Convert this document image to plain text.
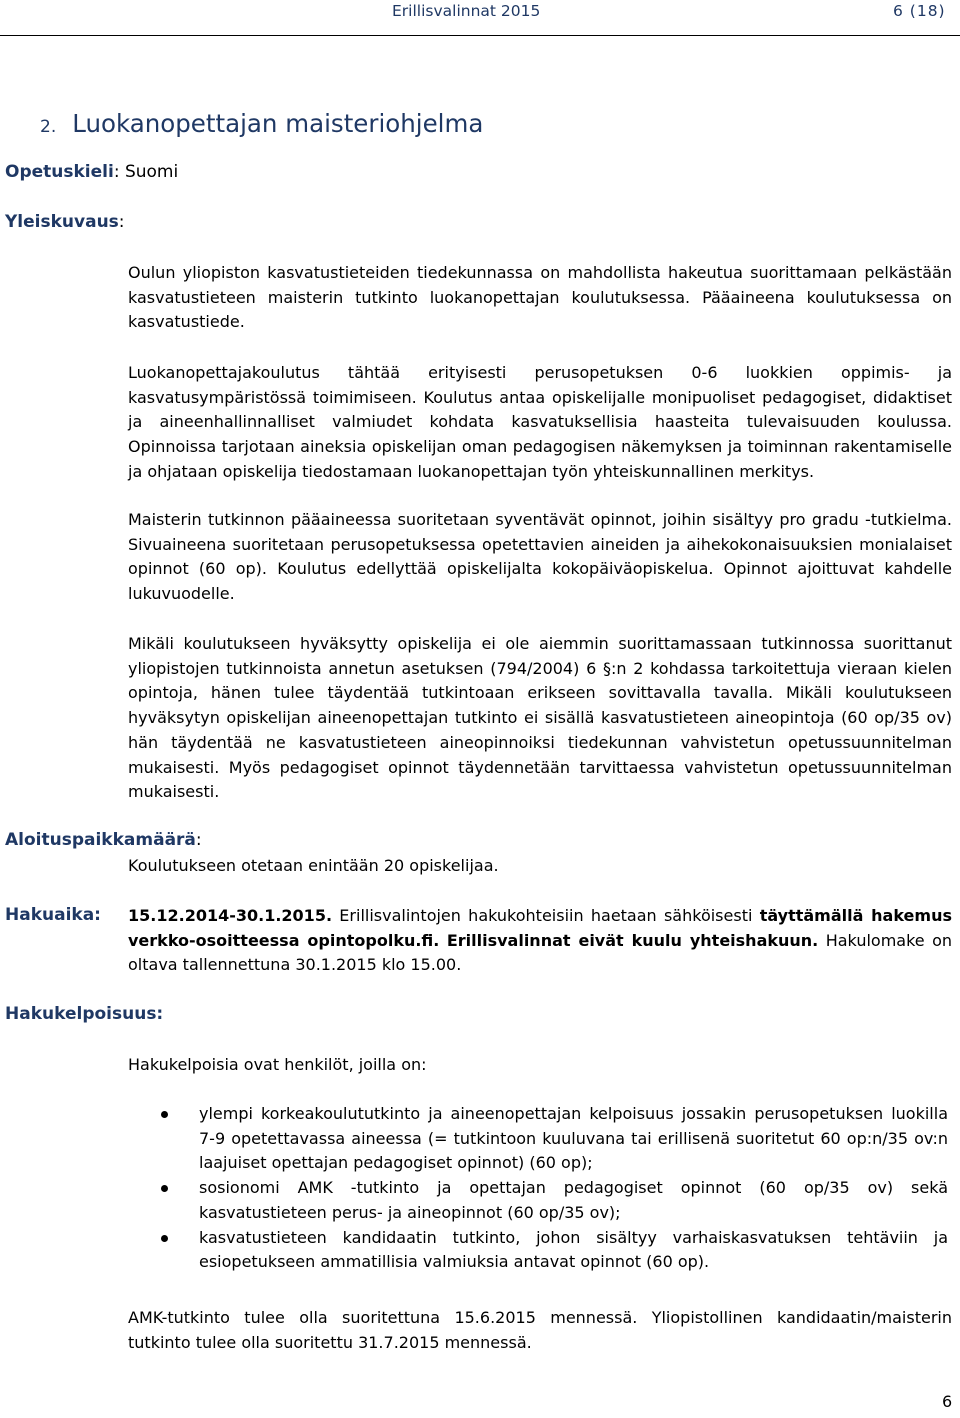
Erillisvalinnat 2015	6 (18)
2. Luokanopettajan maisteriohjelma
Opetuskieli: Suomi
Yleiskuvaus:

Oulun yliopiston kasvatustieteiden tiedekunnassa on mahdollista hakeutua suorittamaan pelkästään kasvatustieteen maisterin tutkinto luokanopettajan koulutuksessa. Pääaineena koulutuksessa on kasvatustiede.

Luokanopettajakoulutus tähtää erityisesti perusopetuksen 0-6 luokkien oppimis- ja kasvatusympäristössä toimimiseen. Koulutus antaa opiskelijalle monipuoliset pedagogiset, didaktiset ja aineenhallinnalliset valmiudet kohdata kasvatuksellisia haasteita tulevaisuuden koulussa. Opinnoissa tarjotaan aineksia opiskelijan oman pedagogisen näkemyksen ja toiminnan rakentamiselle ja ohjataan opiskelija tiedostamaan luokanopettajan työn yhteiskunnallinen merkitys.

Maisterin tutkinnon pääaineessa suoritetaan syventävät opinnot, joihin sisältyy pro gradu -tutkielma. Sivuaineena suoritetaan perusopetuksessa opetettavien aineiden ja aihekokonaisuuksien monialaiset opinnot (60 op). Koulutus edellyttää opiskelijalta kokopäiväopiskelua. Opinnot ajoittuvat kahdelle lukuvuodelle.

Mikäli koulutukseen hyväksytty opiskelija ei ole aiemmin suorittamassaan tutkinnossa suorittanut yliopistojen tutkinnoista annetun asetuksen (794/2004) 6 §:n 2 kohdassa tarkoitettuja vieraan kielen opintoja, hänen tulee täydentää tutkintoaan erikseen sovittavalla tavalla. Mikäli koulutukseen hyväksytyn opiskelijan aineenopettajan tutkinto ei sisällä kasvatustieteen aineopintoja (60 op/35 ov) hän täydentää ne kasvatustieteen aineopinnoiksi tiedekunnan vahvistetun opetussuunnitelman mukaisesti. Myös pedagogiset opinnot täydennetään tarvittaessa vahvistetun opetussuunnitelman mukaisesti.

Aloituspaikkamäärä:

Koulutukseen otetaan enintään 20 opiskelijaa.

Hakuaika: 15.12.2014-30.1.2015. Erillisvalintojen hakukohteisiin haetaan sähköisesti täyttämällä hakemus verkko-osoitteessa opintopolku.fi. Erillisvalinnat eivät kuulu yhteishakuun. Hakulomake on oltava tallennettuna 30.1.2015 klo 15.00.

Hakukelpoisuus:

Hakukelpoisia ovat henkilöt, joilla on:

ylempi korkeakoulututkinto ja aineenopettajan kelpoisuus jossakin perusopetuksen luokilla 7-9 opetettavassa aineessa (= tutkintoon kuuluvana tai erillisenä suoritetut 60 op:n/35 ov:n laajuiset opettajan pedagogiset opinnot) (60 op);
sosionomi AMK -tutkinto ja opettajan pedagogiset opinnot (60 op/35 ov) sekä kasvatustieteen perus- ja aineopinnot (60 op/35 ov);
kasvatustieteen kandidaatin tutkinto, johon sisältyy varhaiskasvatuksen tehtäviin ja esiopetukseen ammatillisia valmiuksia antavat opinnot (60 op).

AMK-tutkinto tulee olla suoritettuna 15.6.2015 mennessä. Yliopistollinen kandidaatin/maisterin tutkinto tulee olla suoritettu 31.7.2015 mennessä.

6
